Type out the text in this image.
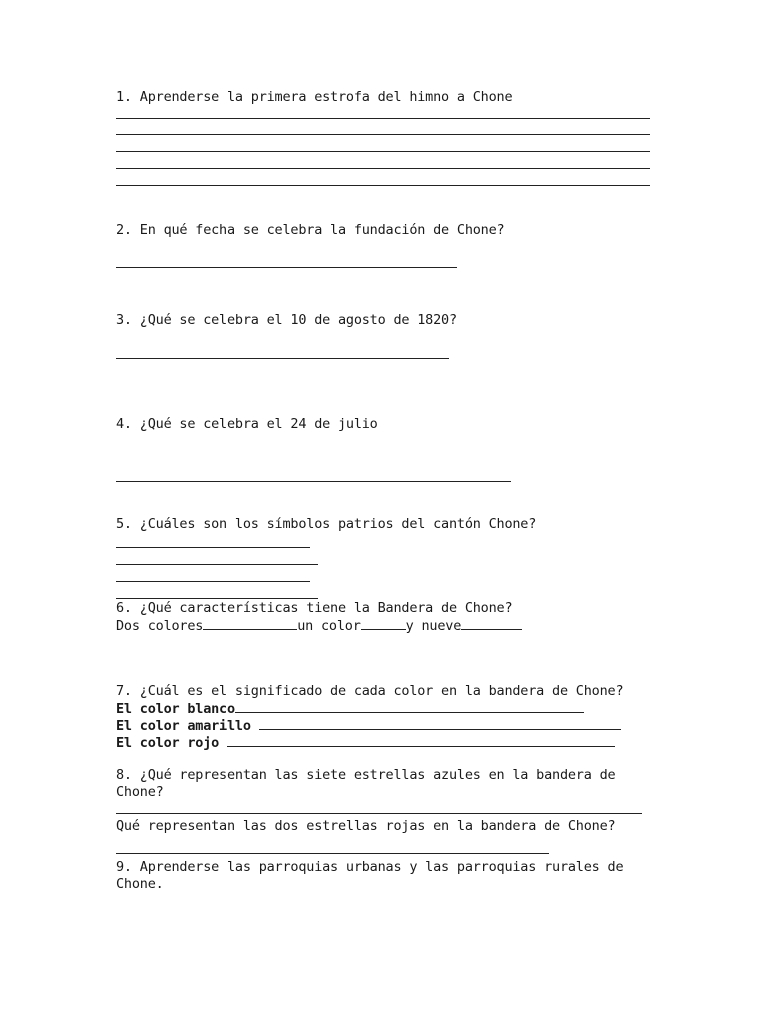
1. Aprenderse la primera estrofa del himno a Chone
2. En qué fecha se celebra la fundación de Chone?
3. ¿Qué se celebra el 10 de agosto de 1820?
4. ¿Qué se celebra el 24 de julio
5. ¿Cuáles son los símbolos patrios del cantón Chone?
6. ¿Qué características tiene la Bandera de Chone?
Dos colores	un color	y nueve
7. ¿Cuál es el significado de cada color en la bandera de Chone?
El color blanco
El color amarillo
El color rojo
8. ¿Qué representan las siete estrellas azules en la bandera de
Chone?
Qué representan las dos estrellas rojas en la bandera de Chone?
9. Aprenderse las parroquias urbanas y las parroquias rurales de
Chone.
